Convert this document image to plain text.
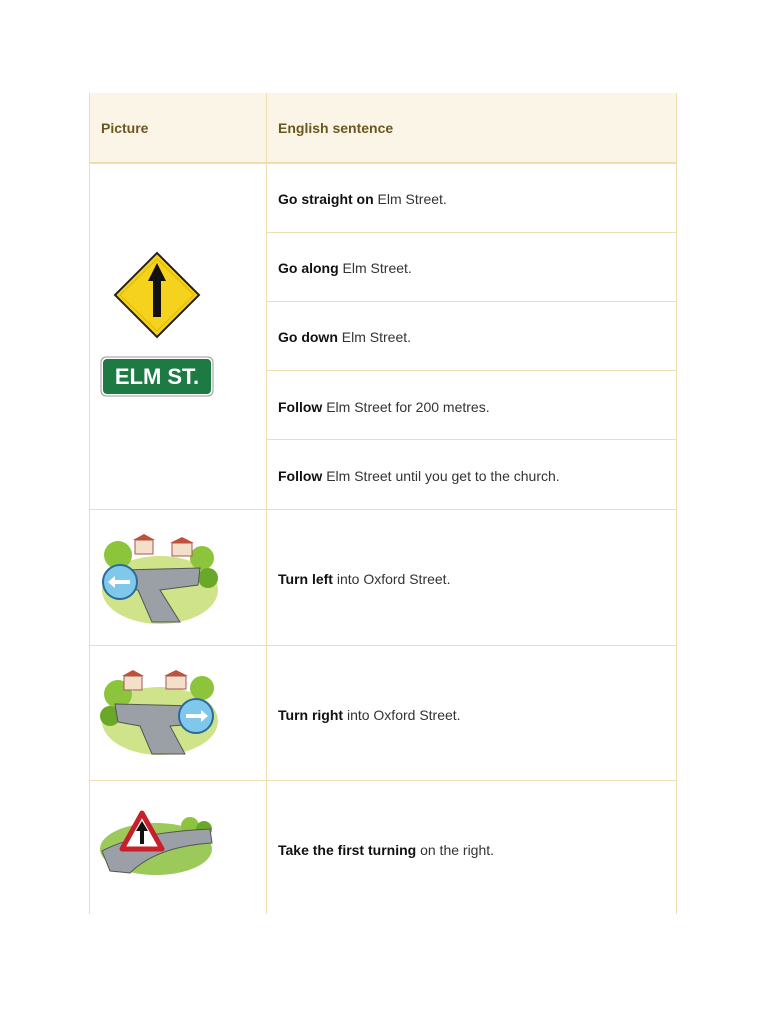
Picture	English sentence
ELM ST.
Go straight on Elm Street.
Go along Elm Street.
Go down Elm Street.
Follow Elm Street for 200 metres.
Follow Elm Street until you get to the church.
Turn left into Oxford Street.
Turn right into Oxford Street.
Take the first turning on the right.
